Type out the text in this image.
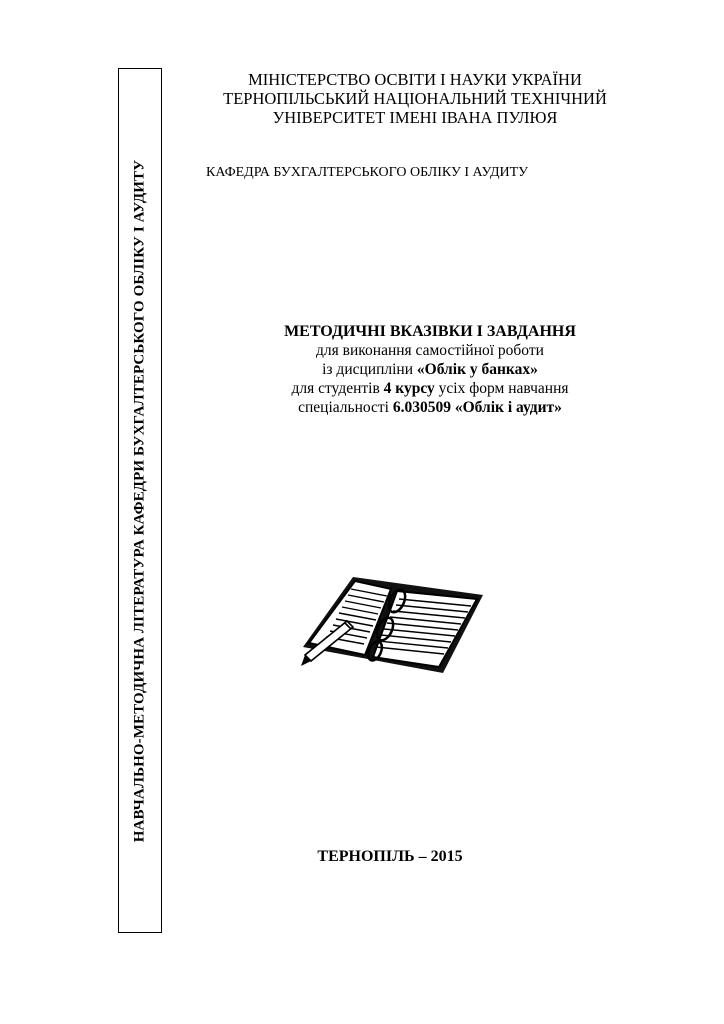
НАВЧАЛЬНО-МЕТОДИЧНА ЛІТЕРАТУРА КАФЕДРИ БУХГАЛТЕРСЬКОГО ОБЛІКУ І АУДИТУ
МІНІСТЕРСТВО ОСВІТИ І НАУКИ УКРАЇНИ
ТЕРНОПІЛЬСЬКИЙ НАЦІОНАЛЬНИЙ ТЕХНІЧНИЙ
УНІВЕРСИТЕТ ІМЕНІ ІВАНА ПУЛЮЯ
КАФЕДРА БУХГАЛТЕРСЬКОГО ОБЛІКУ І АУДИТУ
МЕТОДИЧНІ ВКАЗІВКИ І ЗАВДАННЯ
для виконання самостійної роботи
із дисципліни «Облік у банках»
для студентів 4 курсу усіх форм навчання
спеціальності 6.030509 «Облік і аудит»
ТЕРНОПІЛЬ – 2015
